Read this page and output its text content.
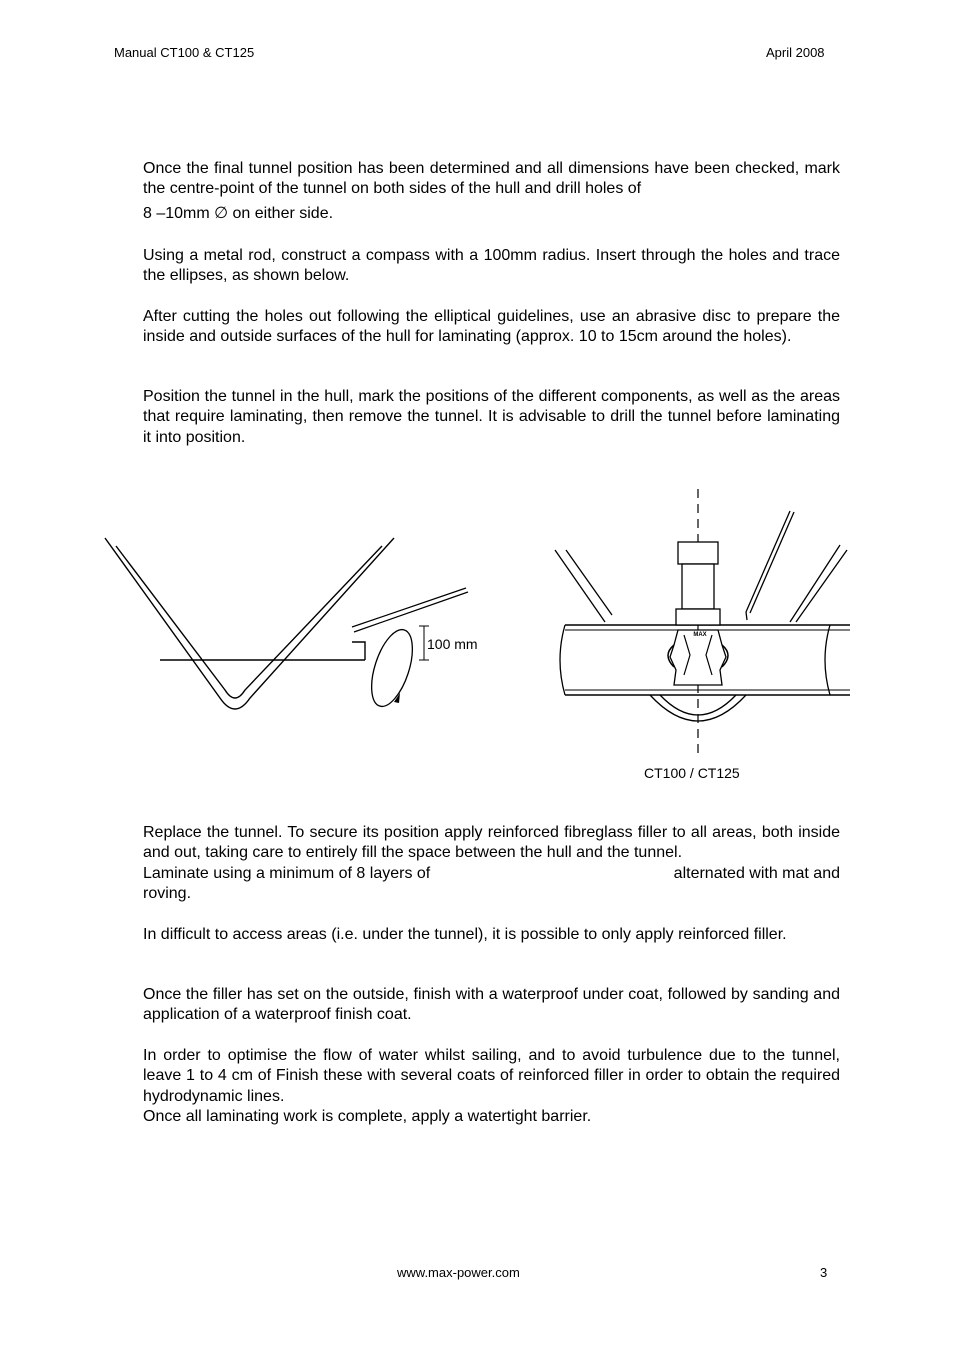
Manual CT100 & CT125	April 2008

Once the final tunnel position has been determined and all dimensions have been checked, mark the centre-point of the tunnel on both sides of the hull and drill holes of

8 –10mm ∅ on either side.

Using a metal rod, construct a compass with a 100mm radius. Insert through the holes and trace the ellipses, as shown below.

After cutting the holes out following the elliptical guidelines, use an abrasive disc to prepare the inside and outside surfaces of the hull for laminating (approx. 10 to 15cm around the holes).

Position the tunnel in the hull, mark the positions of the different components, as well as the areas that require laminating, then remove the tunnel. It is advisable to drill the tunnel before laminating it into position.

100 mm
MAX
CT100 / CT125

Replace the tunnel. To secure its position apply reinforced fibreglass filler to all areas, both inside and out, taking care to entirely fill the space between the hull and the tunnel.

Laminate using a minimum of 8 layers of	alternated with mat and

roving.

In difficult to access areas (i.e. under the tunnel), it is possible to only apply reinforced filler.

Once the filler has set on the outside, finish with a waterproof under coat, followed by sanding and application of a waterproof finish coat.

In order to optimise the flow of water whilst sailing, and to avoid turbulence due to the tunnel, leave 1 to 4 cm of Finish these with several coats of reinforced filler in order to obtain the required hydrodynamic lines.

Once all laminating work is complete, apply a watertight barrier.

www.max-power.com	3
